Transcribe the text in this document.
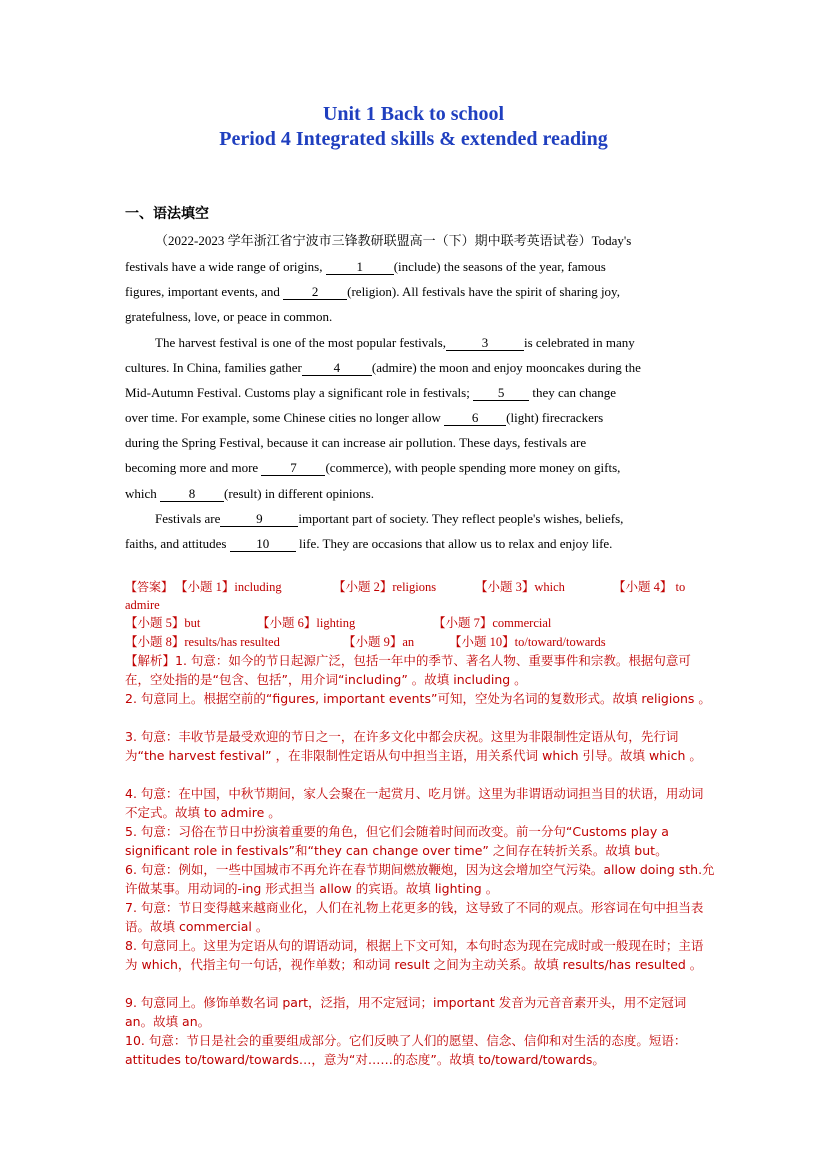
Unit 1 Back to school
Period 4 Integrated skills & extended reading
一、语法填空
（2022-2023 学年浙江省宁波市三锋教研联盟高一（下）期中联考英语试卷）Today's
festivals have a wide range of origins, 1 (include) the seasons of the year, famous
figures, important events, and 2 (religion). All festivals have the spirit of sharing joy,
gratefulness, love, or peace in common.
The harvest festival is one of the most popular festivals,	3	is celebrated in many
cultures. In China, families gather 4 (admire) the moon and enjoy mooncakes during the
Mid-Autumn Festival. Customs play a significant role in festivals; 5 they can change
over time. For example, some Chinese cities no longer allow 6 (light) firecrackers
during the Spring Festival, because it can increase air pollution. These days, festivals are
becoming more and more 7 (commerce), with people spending more money on gifts,
which 8 (result) in different opinions.
Festivals are	9	important part of society. They reflect people's wishes, beliefs,
faiths, and attitudes 10 life. They are occasions that allow us to relax and enjoy life.
【答案】 【小题 1】including	【小题 2】religions	【小题 3】which	【小题 4】 to
admire
【小题 5】but	【小题 6】lighting	【小题 7】commercial
【小题 8】results/has resulted	【小题 9】an	【小题 10】to/toward/towards
【解析】1. 句意：如今的节日起源广泛，包括一年中的季节、著名人物、重要事件和宗教。根据句意可在，空处指的是“包含、包括”，用介词“including” 。故填 including 。
2. 句意同上。根据空前的“figures, important events”可知，空处为名词的复数形式。故填 religions 。
3. 句意：丰收节是最受欢迎的节日之一，在许多文化中都会庆祝。这里为非限制性定语从句，先行词为“the harvest festival” ，在非限制性定语从句中担当主语，用关系代词 which 引导。故填 which 。
4. 句意：在中国，中秋节期间，家人会聚在一起赏月、吃月饼。这里为非谓语动词担当目的状语，用动词不定式。故填 to admire 。
5. 句意：习俗在节日中扮演着重要的角色，但它们会随着时间而改变。前一分句“Customs play a significant role in festivals”和“they can change over time” 之间存在转折关系。故填 but。
6. 句意：例如，一些中国城市不再允许在春节期间燃放鞭炮，因为这会增加空气污染。allow doing sth.允许做某事。用动词的-ing 形式担当 allow 的宾语。故填 lighting 。
7. 句意：节日变得越来越商业化，人们在礼物上花更多的钱，这导致了不同的观点。形容词在句中担当表语。故填 commercial 。
8. 句意同上。这里为定语从句的谓语动词，根据上下文可知，本句时态为现在完成时或一般现在时；主语为 which，代指主句一句话，视作单数；和动词 result 之间为主动关系。故填 results/has resulted 。
9. 句意同上。修饰单数名词 part，泛指，用不定冠词；important 发音为元音音素开头，用不定冠词 an。故填 an。
10. 句意：节日是社会的重要组成部分。它们反映了人们的愿望、信念、信仰和对生活的态度。短语：attitudes to/toward/towards…，意为“对……的态度”。故填 to/toward/towards。
